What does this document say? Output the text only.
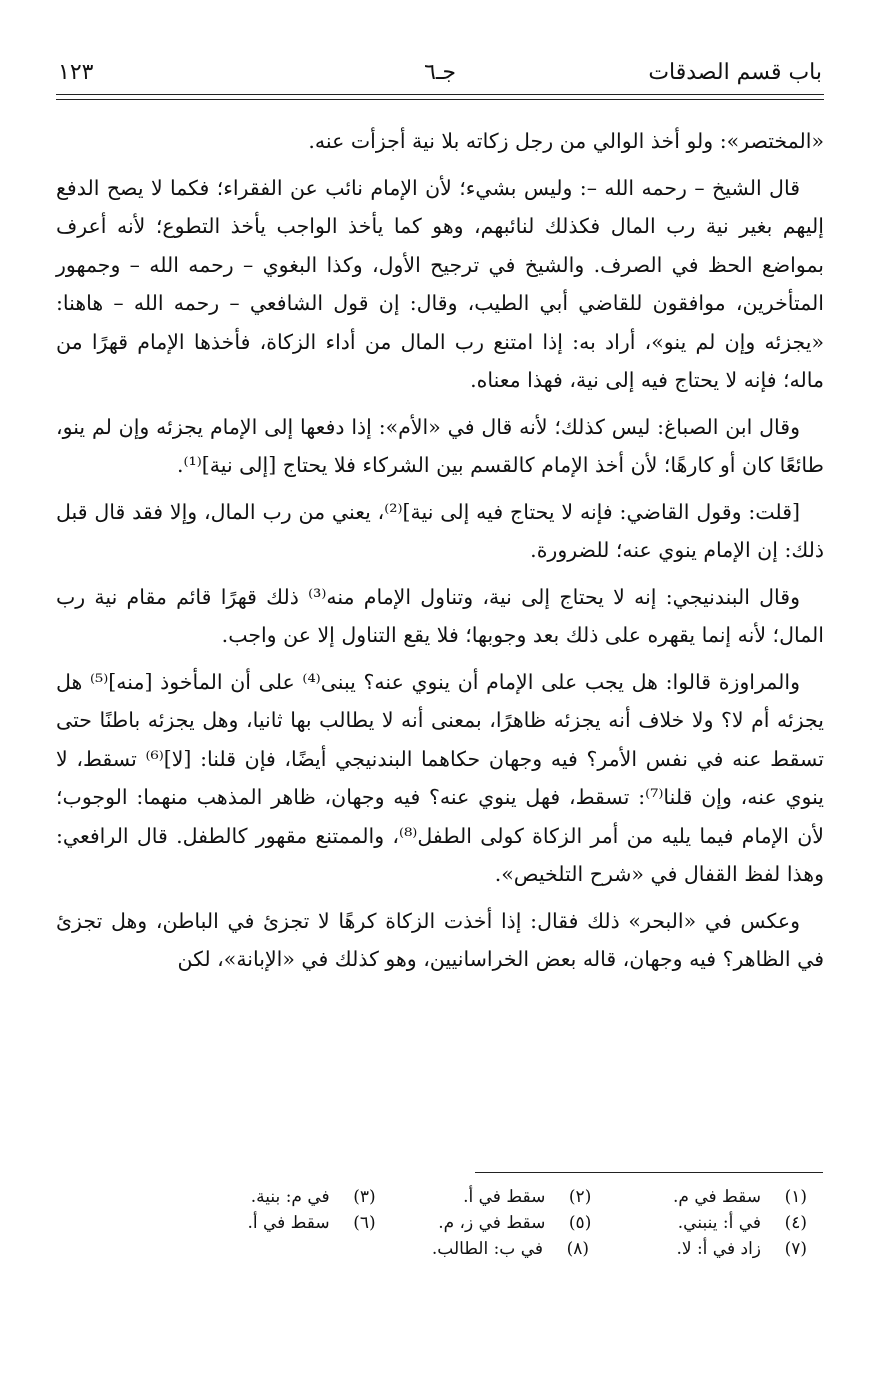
باب قسم الصدقات
جـ٦
١٢٣

«المختصر»: ولو أخذ الوالي من رجل زكاته بلا نية أجزأت عنه.

قال الشيخ – رحمه الله –: وليس بشيء؛ لأن الإمام نائب عن الفقراء؛ فكما لا يصح الدفع إليهم بغير نية رب المال فكذلك لنائبهم، وهو كما يأخذ الواجب يأخذ التطوع؛ لأنه أعرف بمواضع الحظ في الصرف. والشيخ في ترجيح الأول، وكذا البغوي – رحمه الله – وجمهور المتأخرين، موافقون للقاضي أبي الطيب، وقال: إن قول الشافعي – رحمه الله – هاهنا: «يجزئه وإن لم ينو»، أراد به: إذا امتنع رب المال من أداء الزكاة، فأخذها الإمام قهرًا من ماله؛ فإنه لا يحتاج فيه إلى نية، فهذا معناه.

وقال ابن الصباغ: ليس كذلك؛ لأنه قال في «الأم»: إذا دفعها إلى الإمام يجزئه وإن لم ينو، طائعًا كان أو كارهًا؛ لأن أخذ الإمام كالقسم بين الشركاء فلا يحتاج [إلى نية]⁽¹⁾.

[قلت: وقول القاضي: فإنه لا يحتاج فيه إلى نية]⁽²⁾، يعني من رب المال، وإلا فقد قال قبل ذلك: إن الإمام ينوي عنه؛ للضرورة.

وقال البندنيجي: إنه لا يحتاج إلى نية، وتناول الإمام منه⁽³⁾ ذلك قهرًا قائم مقام نية رب المال؛ لأنه إنما يقهره على ذلك بعد وجوبها؛ فلا يقع التناول إلا عن واجب.

والمراوزة قالوا: هل يجب على الإمام أن ينوي عنه؟ يبنى⁽⁴⁾ على أن المأخوذ [منه]⁽⁵⁾ هل يجزئه أم لا؟ ولا خلاف أنه يجزئه ظاهرًا، بمعنى أنه لا يطالب بها ثانيا، وهل يجزئه باطنًا حتى تسقط عنه في نفس الأمر؟ فيه وجهان حكاهما البندنيجي أيضًا، فإن قلنا: [لا]⁽⁶⁾ تسقط، لا ينوي عنه، وإن قلنا⁽⁷⁾: تسقط، فهل ينوي عنه؟ فيه وجهان، ظاهر المذهب منهما: الوجوب؛ لأن الإمام فيما يليه من أمر الزكاة كولى الطفل⁽⁸⁾، والممتنع مقهور كالطفل. قال الرافعي: وهذا لفظ القفال في «شرح التلخيص».

وعكس في «البحر» ذلك فقال: إذا أخذت الزكاة كرهًا لا تجزئ في الباطن، وهل تجزئ في الظاهر؟ فيه وجهان، قاله بعض الخراسانيين، وهو كذلك في «الإبانة»، لكن

(١)سقط في م.
(٢)سقط في أ.
(٣)في م: بنية.
(٤)في أ: ينبني.
(٥)سقط في ز، م.
(٦)سقط في أ.
(٧)زاد في أ: لا.
(٨)في ب: الطالب.
